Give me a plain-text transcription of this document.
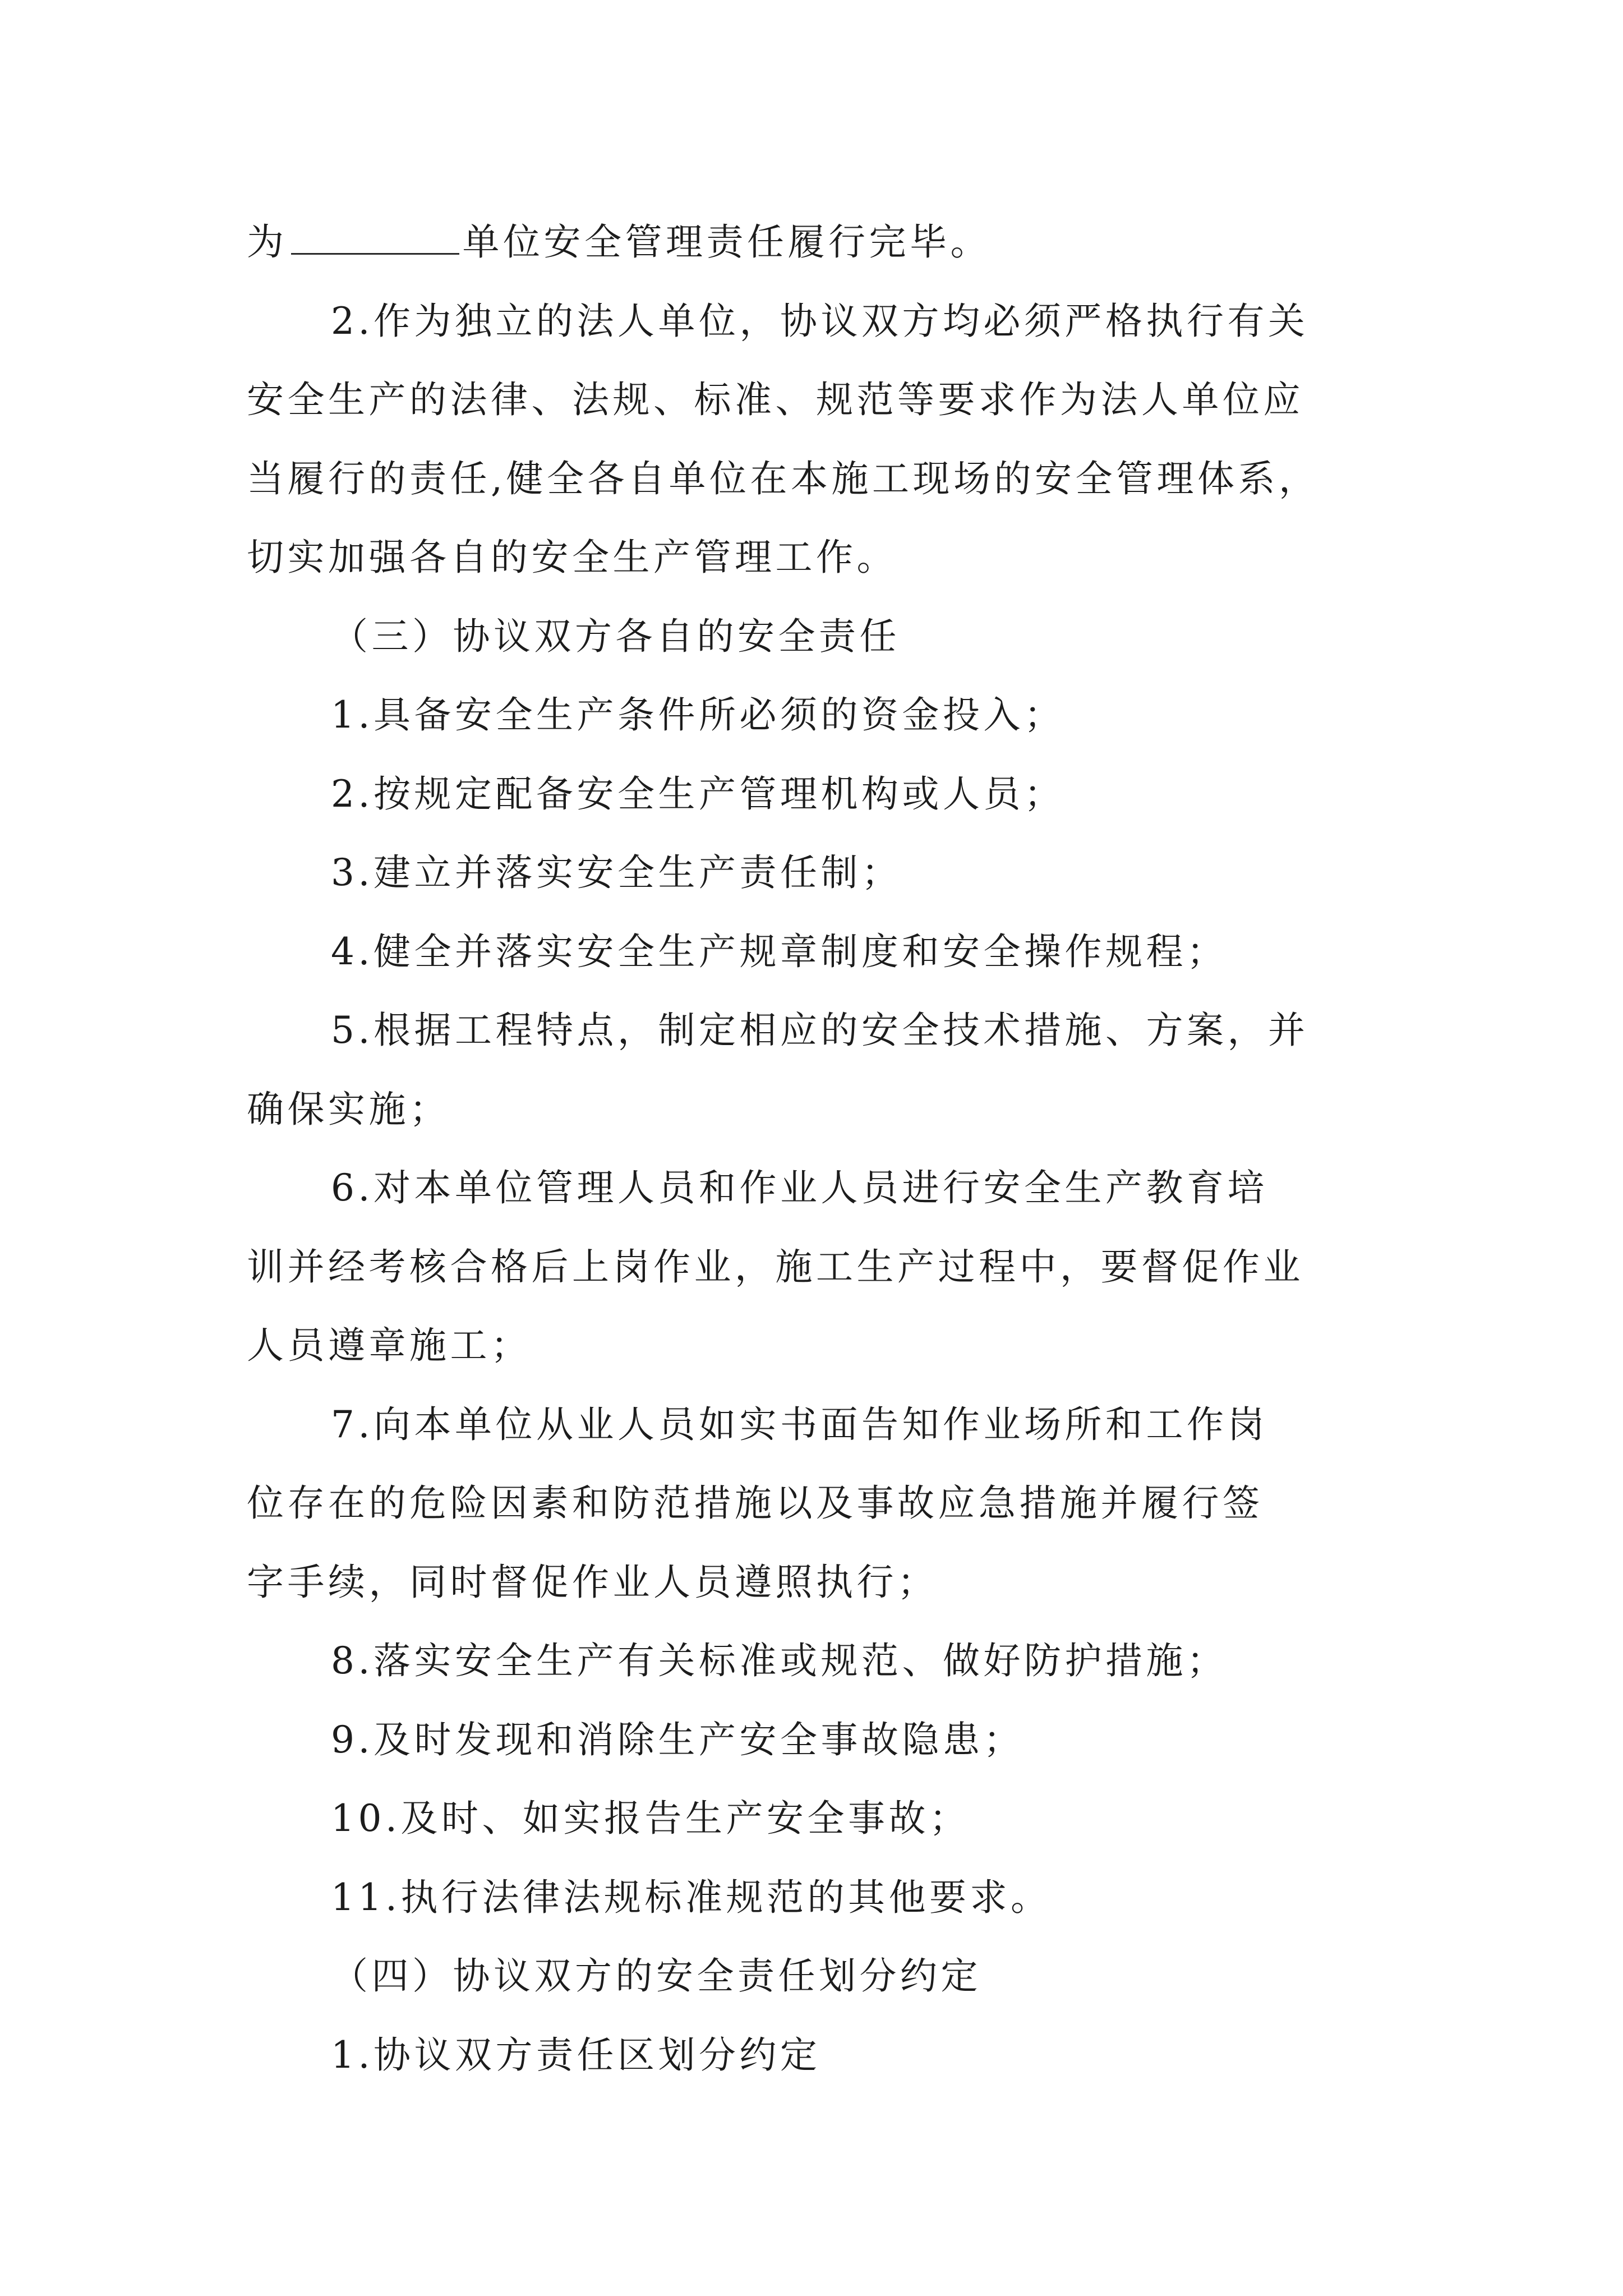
为	单位安全管理责任履行完毕。
2.作为独立的法人单位，协议双方均必须严格执行有关
安全生产的法律、法规、标准、规范等要求作为法人单位应
当履行的责任,健全各自单位在本施工现场的安全管理体系，
切实加强各自的安全生产管理工作。
（三）协议双方各自的安全责任
1.具备安全生产条件所必须的资金投入；
2.按规定配备安全生产管理机构或人员；
3.建立并落实安全生产责任制；
4.健全并落实安全生产规章制度和安全操作规程；
5.根据工程特点，制定相应的安全技术措施、方案，并
确保实施；
6.对本单位管理人员和作业人员进行安全生产教育培
训并经考核合格后上岗作业，施工生产过程中，要督促作业
人员遵章施工；
7.向本单位从业人员如实书面告知作业场所和工作岗
位存在的危险因素和防范措施以及事故应急措施并履行签
字手续，同时督促作业人员遵照执行；
8.落实安全生产有关标准或规范、做好防护措施；
9.及时发现和消除生产安全事故隐患；
10.及时、如实报告生产安全事故；
11.执行法律法规标准规范的其他要求。
（四）协议双方的安全责任划分约定
1.协议双方责任区划分约定
